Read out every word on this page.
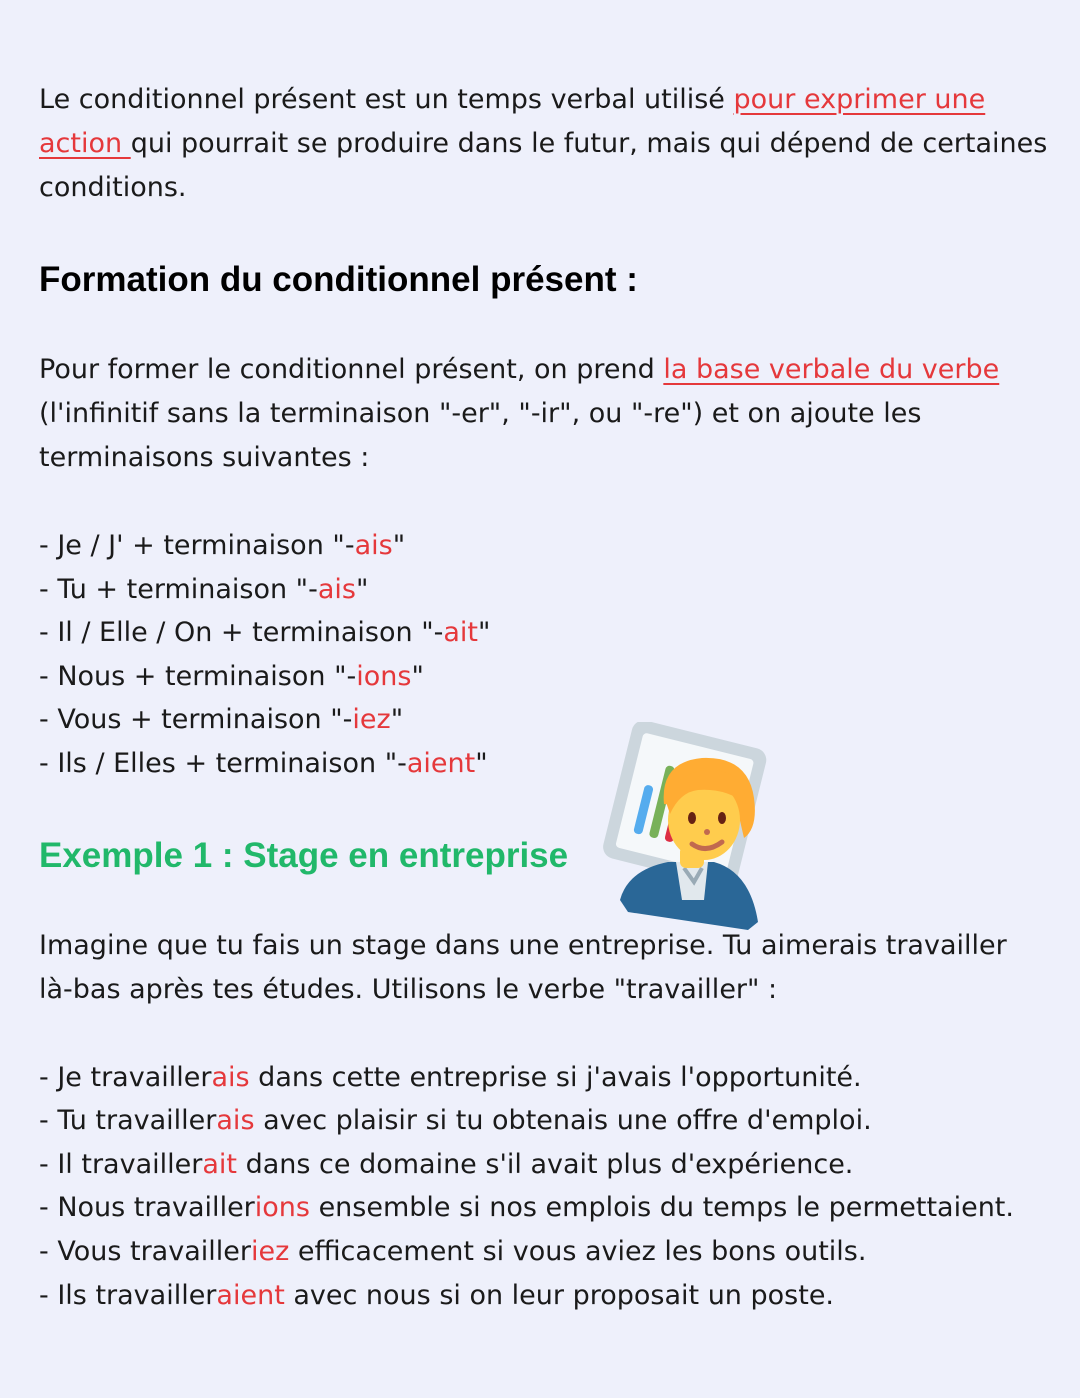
Le conditionnel présent est un temps verbal utilisé pour exprimer une action qui pourrait se produire dans le futur, mais qui dépend de certaines conditions.

Formation du conditionnel présent :

Pour former le conditionnel présent, on prend la base verbale du verbe (l'infinitif sans la terminaison "-er", "-ir", ou "-re") et on ajoute les terminaisons suivantes :

- Je / J' + terminaison "-ais"
- Tu + terminaison "-ais"
- Il / Elle / On + terminaison "-ait"
- Nous + terminaison "-ions"
- Vous + terminaison "-iez"
- Ils / Elles + terminaison "-aient"
Exemple 1 : Stage en entreprise

Imagine que tu fais un stage dans une entreprise. Tu aimerais travailler là-bas après tes études. Utilisons le verbe "travailler" :

- Je travaillerais dans cette entreprise si j'avais l'opportunité.
- Tu travaillerais avec plaisir si tu obtenais une offre d'emploi.
- Il travaillerait dans ce domaine s'il avait plus d'expérience.
- Nous travaillerions ensemble si nos emplois du temps le permettaient.
- Vous travailleriez efficacement si vous aviez les bons outils.
- Ils travailleraient avec nous si on leur proposait un poste.
